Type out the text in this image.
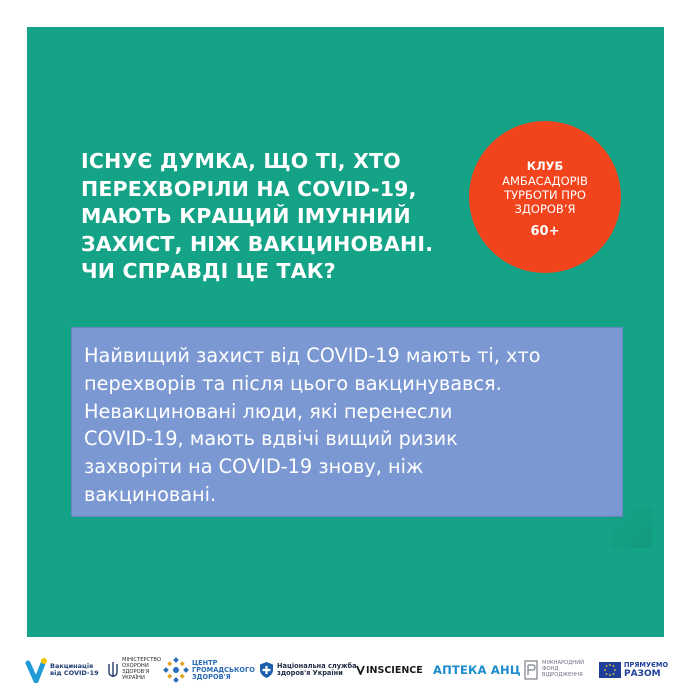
ІСНУЄ ДУМКА, ЩО ТІ, ХТО
ПЕРЕХВОРІЛИ НА COVID-19,
МАЮТЬ КРАЩИЙ ІМУННИЙ
ЗАХИСТ, НІЖ ВАКЦИНОВАНІ.
ЧИ СПРАВДІ ЦЕ ТАК?
КЛУБ
АМБАСАДОРІВ
ТУРБОТИ ПРО
ЗДОРОВ’Я
60+
Найвищий захист від COVID-19 мають ті, хто
перехворів та після цього вакцинувався.
Невакциновані люди, які перенесли
COVID-19, мають вдвічі вищий ризик
захворіти на COVID-19 знову, ніж
вакциновані.
Вакцинація
від COVID-19
МІНІСТЕРСТВО
ОХОРОНИ
ЗДОРОВ'Я
УКРАЇНИ
ЦЕНТР
ГРОМАДСЬКОГО
ЗДОРОВ'Я
Національна служба
здоров'я України	INSCIENCE АПТЕКА АНЦ	МІЖНАРОДНИЙ
ФОНД
ВІДРОДЖЕННЯ
ПРЯМУЄМО
РАЗОМ
